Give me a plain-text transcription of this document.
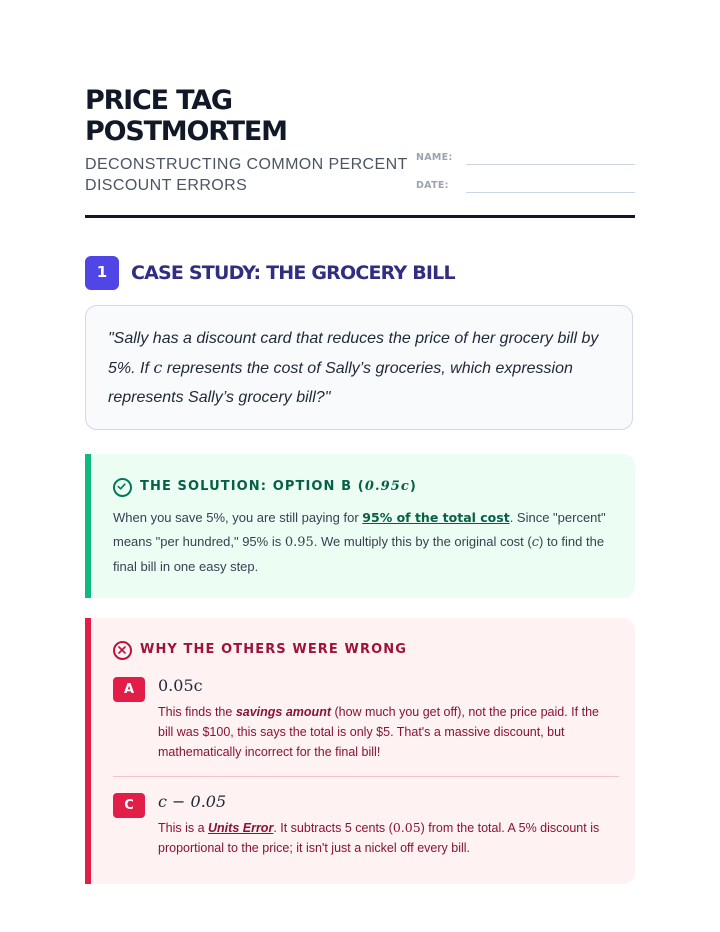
PRICE TAG POSTMORTEM

DECONSTRUCTING COMMON PERCENT DISCOUNT ERRORS

NAME:
DATE:
1	CASE STUDY: THE GROCERY BILL

"Sally has a discount card that reduces the price of her grocery bill by 5%. If c represents the cost of Sally’s groceries, which expression represents Sally’s grocery bill?"

THE SOLUTION: OPTION B (0.95c)

When you save 5%, you are still paying for 95% of the total cost. Since "percent" means "per hundred," 95% is 0.95. We multiply this by the original cost (c) to find the final bill in one easy step.

WHY THE OTHERS WERE WRONG
A	0.05c

This finds the savings amount (how much you get off), not the price paid. If the bill was $100, this says the total is only $5. That's a massive discount, but mathematically incorrect for the final bill!

C	c − 0.05

This is a Units Error. It subtracts 5 cents (0.05) from the total. A 5% discount is proportional to the price; it isn't just a nickel off every bill.
